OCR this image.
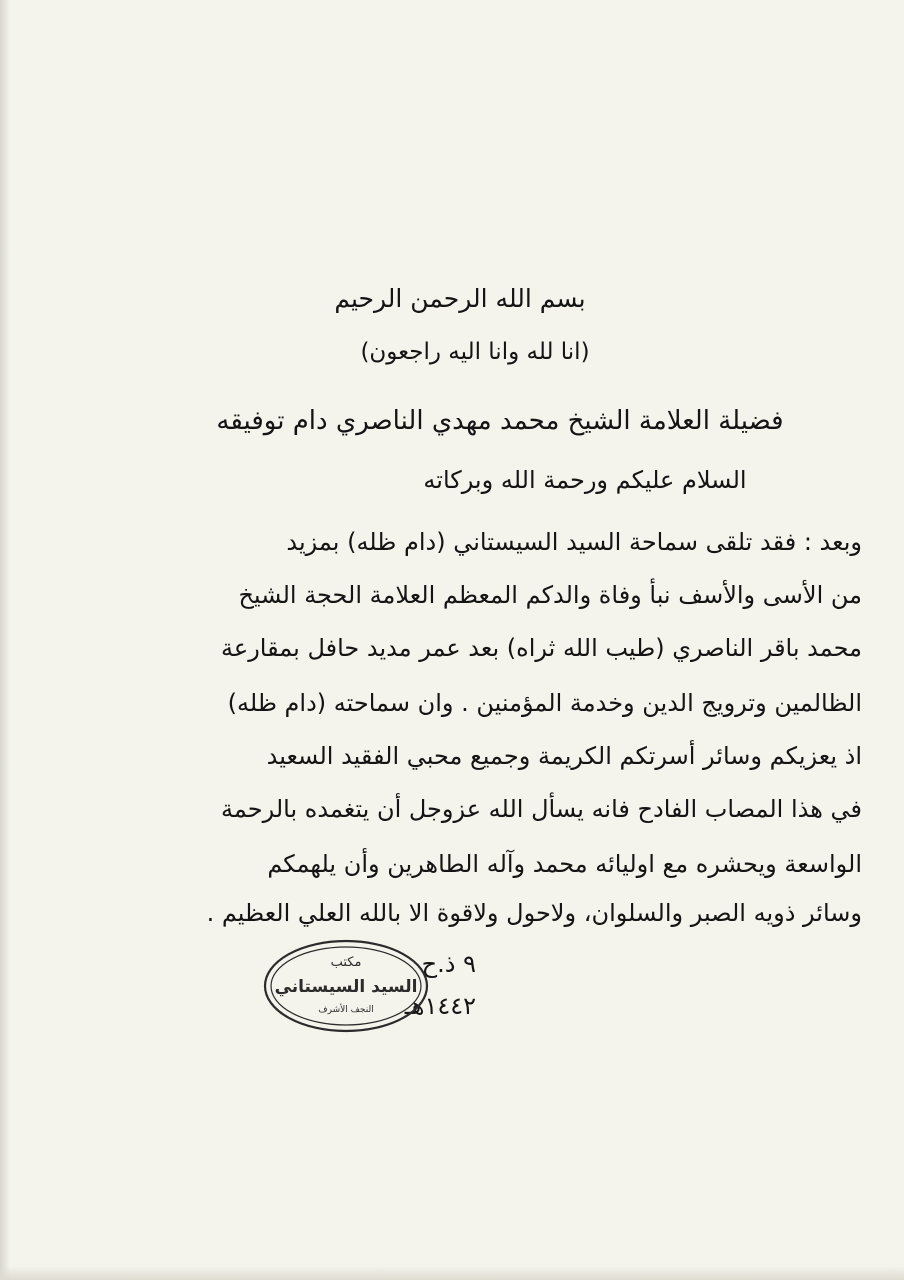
بسم الله الرحمن الرحيم
(انا لله وانا اليه راجعون)
فضيلة العلامة الشيخ محمد مهدي الناصري دام توفيقه
السلام عليكم ورحمة الله وبركاته
وبعد : فقد تلقى سماحة السيد السيستاني (دام ظله) بمزيد
من الأسى والأسف نبأ وفاة والدكم المعظم العلامة الحجة الشيخ
محمد باقر الناصري (طيب الله ثراه) بعد عمر مديد حافل بمقارعة
الظالمين وترويج الدين وخدمة المؤمنين . وان سماحته (دام ظله)
اذ يعزيكم وسائر أسرتكم الكريمة وجميع محبي الفقيد السعيد
في هذا المصاب الفادح فانه يسأل الله عزوجل أن يتغمده بالرحمة
الواسعة ويحشره مع اوليائه محمد وآله الطاهرين وأن يلهمكم
وسائر ذويه الصبر والسلوان، ولاحول ولاقوة الا بالله العلي العظيم .
٩ ذ.ح
١٤٤٢هـ
مكتب
السيد السيستاني
النجف الأشرف
